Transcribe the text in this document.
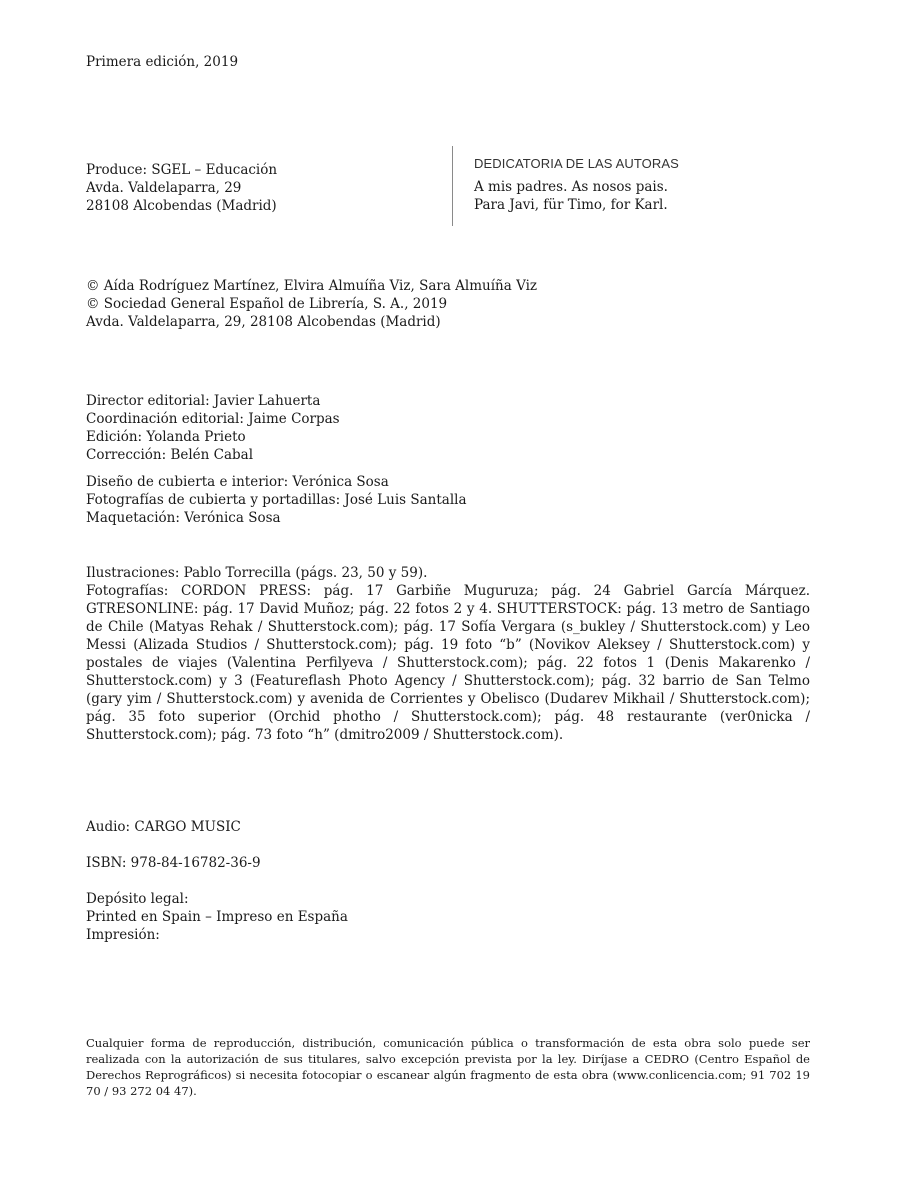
Primera edición, 2019
Produce: SGEL – Educación
Avda. Valdelaparra, 29
28108 Alcobendas (Madrid)
DEDICATORIA DE LAS AUTORAS
A mis padres. As nosos pais.
Para Javi, für Timo, for Karl.
© Aída Rodríguez Martínez, Elvira Almuíña Viz, Sara Almuíña Viz
© Sociedad General Español de Librería, S. A., 2019
Avda. Valdelaparra, 29, 28108 Alcobendas (Madrid)
Director editorial: Javier Lahuerta
Coordinación editorial: Jaime Corpas
Edición: Yolanda Prieto
Corrección: Belén Cabal
Diseño de cubierta e interior: Verónica Sosa
Fotografías de cubierta y portadillas: José Luis Santalla
Maquetación: Verónica Sosa
Ilustraciones: Pablo Torrecilla (págs. 23, 50 y 59).
Fotografías: CORDON PRESS: pág. 17 Garbiñe Muguruza; pág. 24 Gabriel García Márquez. GTRESONLINE: pág. 17 David Muñoz; pág. 22 fotos 2 y 4. SHUTTERSTOCK: pág. 13 metro de Santiago de Chile (Matyas Rehak / Shutterstock.com); pág. 17 Sofía Vergara (s_bukley / Shutterstock.com) y Leo Messi (Alizada Studios / Shutterstock.com); pág. 19 foto “b” (Novikov Aleksey / Shutterstock.com) y postales de viajes (Valentina Perfilyeva / Shutterstock.com); pág. 22 fotos 1 (Denis Makarenko / Shutterstock.com) y 3 (Featureflash Photo Agency / Shutterstock.com); pág. 32 barrio de San Telmo (gary yim / Shutterstock.com) y avenida de Corrientes y Obelisco (Dudarev Mikhail / Shutterstock.com); pág. 35 foto superior (Orchid photho / Shutterstock.com); pág. 48 restaurante (ver0nicka / Shutterstock.com); pág. 73 foto “h” (dmitro2009 / Shutterstock.com).
Audio: CARGO MUSIC
ISBN: 978-84-16782-36-9
Depósito legal:
Printed en Spain – Impreso en España
Impresión:
Cualquier forma de reproducción, distribución, comunicación pública o transformación de esta obra solo puede ser realizada con la autorización de sus titulares, salvo excepción prevista por la ley. Diríjase a CEDRO (Centro Español de Derechos Reprográficos) si necesita fotocopiar o escanear algún fragmento de esta obra (www.conlicencia.com; 91 702 19 70 / 93 272 04 47).
